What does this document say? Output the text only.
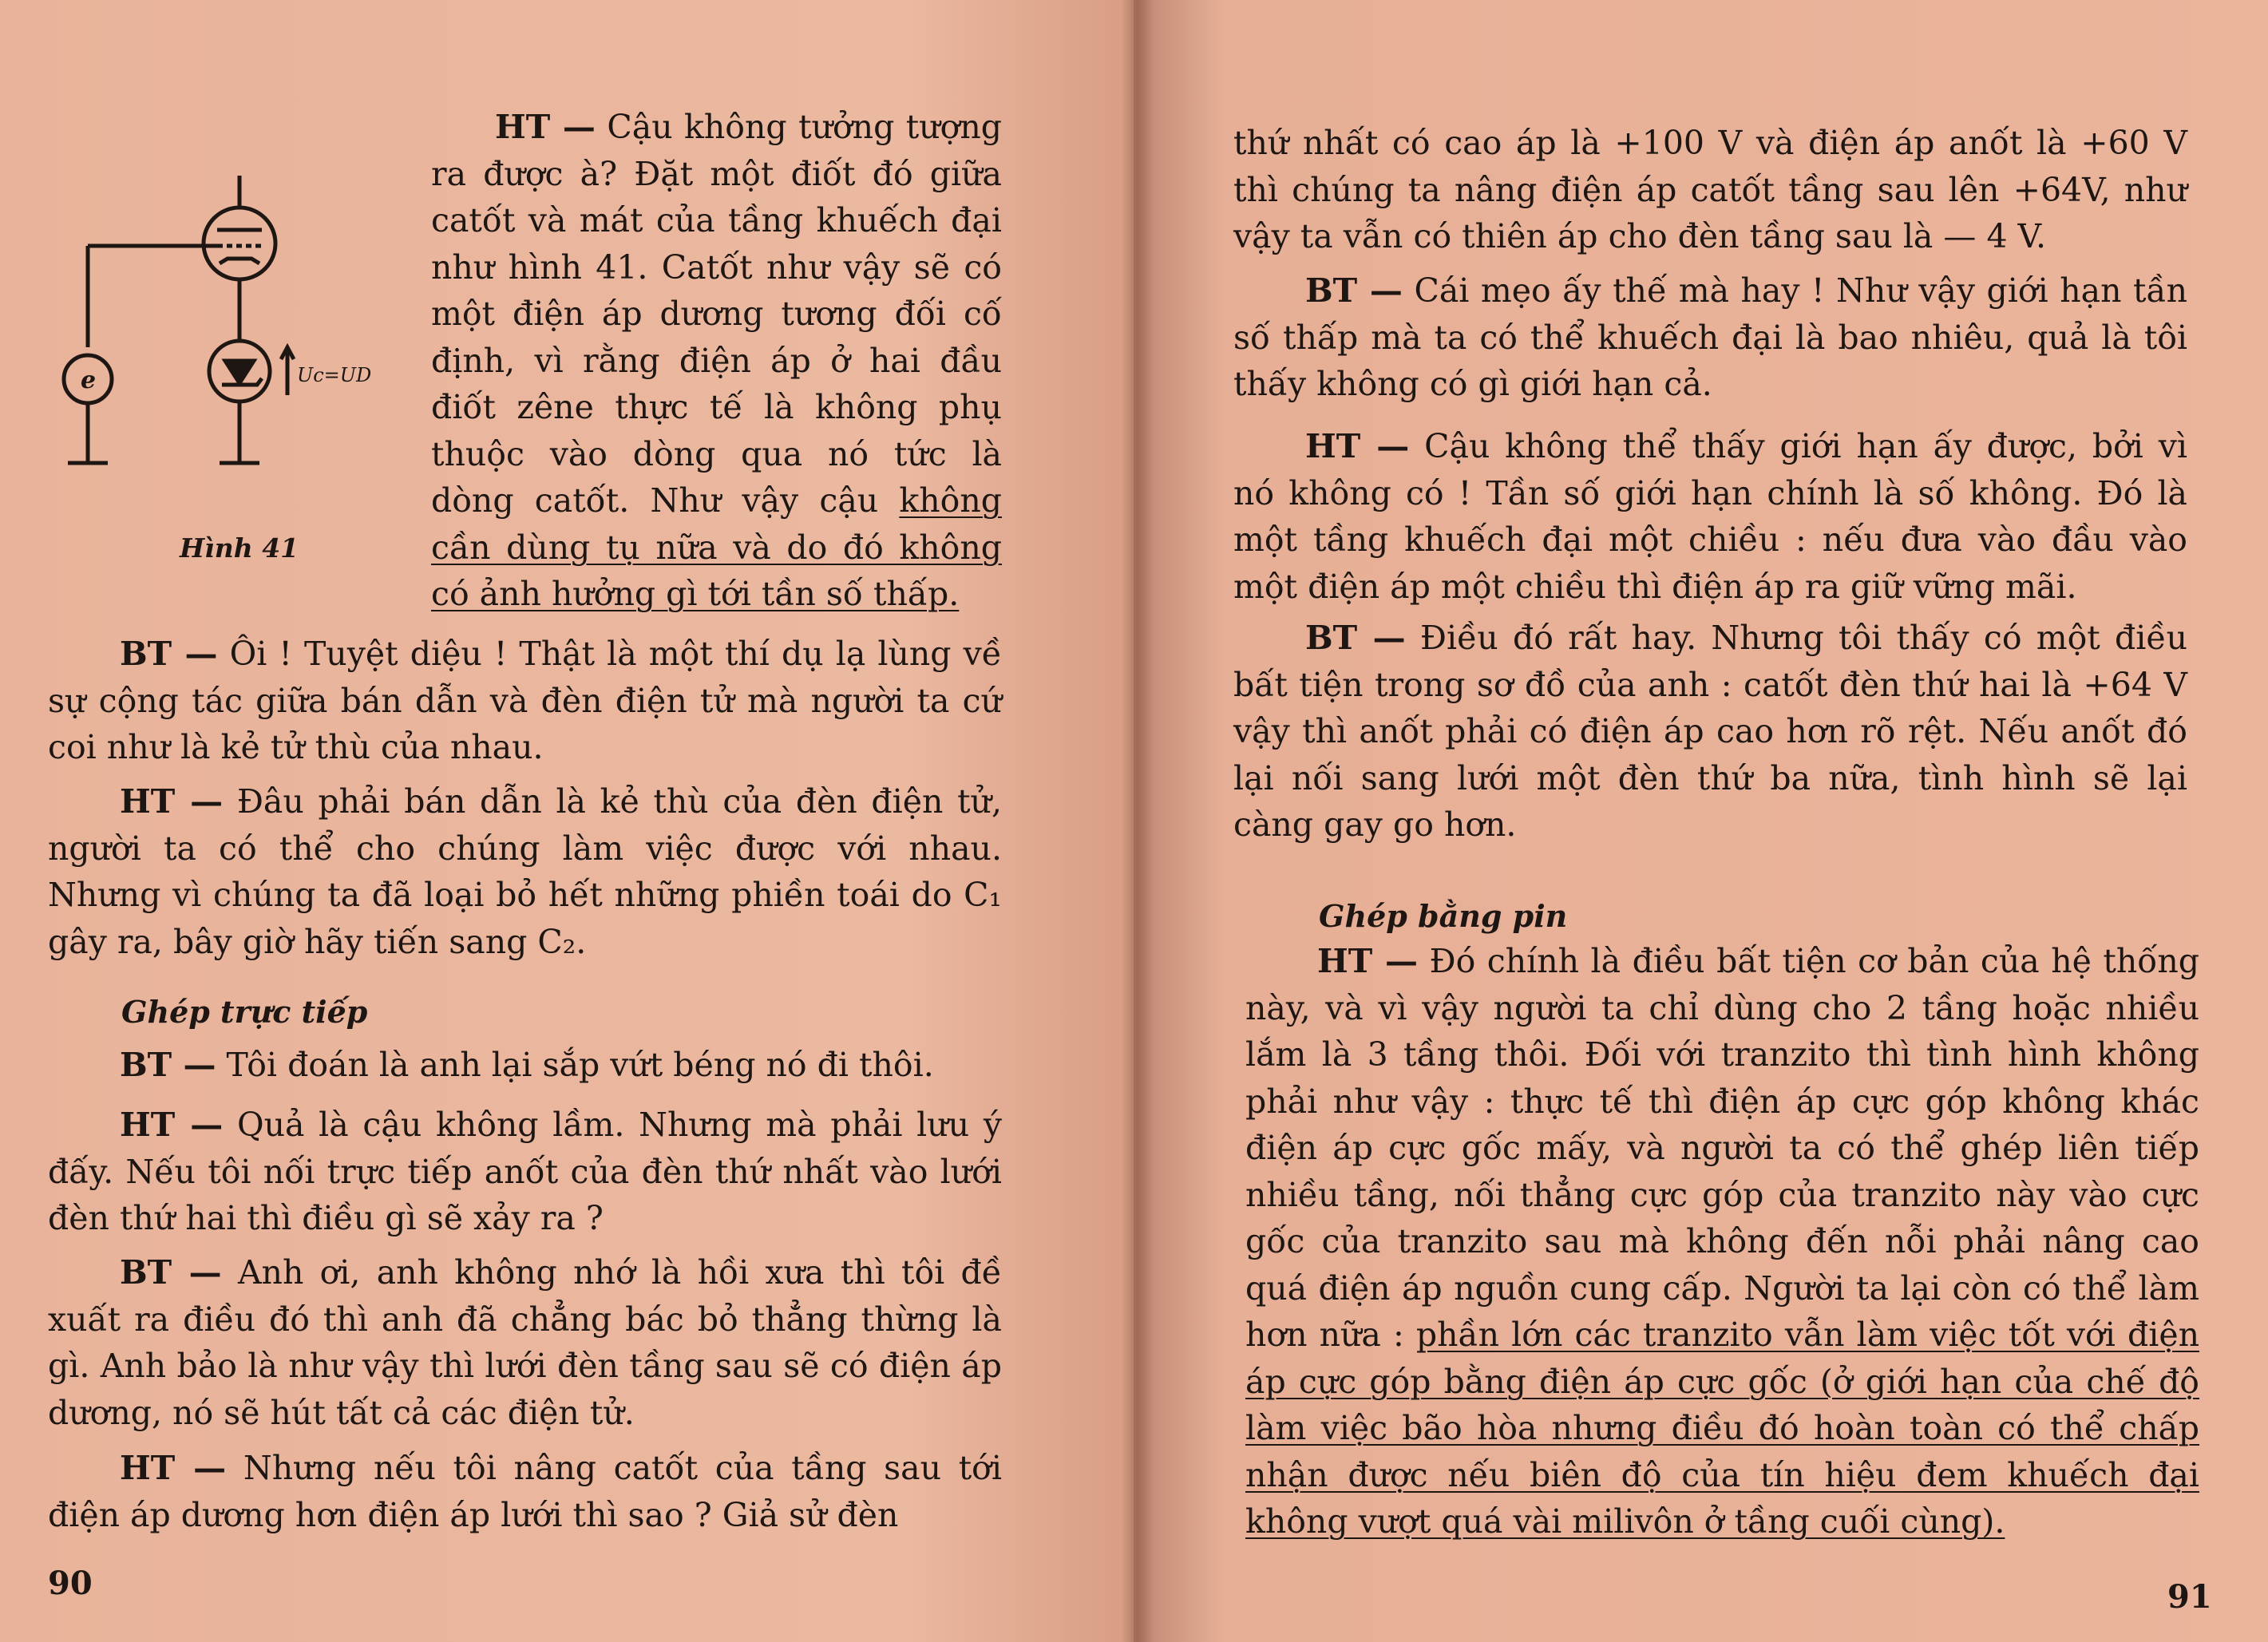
e	Uc=UD
Hình 41
HT — Cậu không tưởng tượng ra được à? Đặt một điốt đó giữa catốt và mát của tầng khuếch đại như hình 41. Catốt như vậy sẽ có một điện áp dương tương đối cố định, vì rằng điện áp ở hai đầu điốt zêne thực tế là không phụ thuộc vào dòng qua nó tức là dòng catốt. Như vậy cậu không cần dùng tụ nữa và do đó không có ảnh hưởng gì tới tần số thấp.
BT — Ôi ! Tuyệt diệu ! Thật là một thí dụ lạ lùng về sự cộng tác giữa bán dẫn và đèn điện tử mà người ta cứ coi như là kẻ tử thù của nhau.
HT — Đâu phải bán dẫn là kẻ thù của đèn điện tử, người ta có thể cho chúng làm việc được với nhau. Nhưng vì chúng ta đã loại bỏ hết những phiền toái do C₁ gây ra, bây giờ hãy tiến sang C₂.
Ghép trực tiếp
BT — Tôi đoán là anh lại sắp vứt béng nó đi thôi.
HT — Quả là cậu không lầm. Nhưng mà phải lưu ý đấy. Nếu tôi nối trực tiếp anốt của đèn thứ nhất vào lưới đèn thứ hai thì điều gì sẽ xảy ra ?
BT — Anh ơi, anh không nhớ là hồi xưa thì tôi đề xuất ra điều đó thì anh đã chẳng bác bỏ thẳng thừng là gì. Anh bảo là như vậy thì lưới đèn tầng sau sẽ có điện áp dương, nó sẽ hút tất cả các điện tử.
HT — Nhưng nếu tôi nâng catốt của tầng sau tới điện áp dương hơn điện áp lưới thì sao ? Giả sử đèn
90
thứ nhất có cao áp là +100 V và điện áp anốt là +60 V thì chúng ta nâng điện áp catốt tầng sau lên +64V, như vậy ta vẫn có thiên áp cho đèn tầng sau là — 4 V.
BT — Cái mẹo ấy thế mà hay ! Như vậy giới hạn tần số thấp mà ta có thể khuếch đại là bao nhiêu, quả là tôi thấy không có gì giới hạn cả.
HT — Cậu không thể thấy giới hạn ấy được, bởi vì nó không có ! Tần số giới hạn chính là số không. Đó là một tầng khuếch đại một chiều : nếu đưa vào đầu vào một điện áp một chiều thì điện áp ra giữ vững mãi.
BT — Điều đó rất hay. Nhưng tôi thấy có một điều bất tiện trong sơ đồ của anh : catốt đèn thứ hai là +64 V vậy thì anốt phải có điện áp cao hơn rõ rệt. Nếu anốt đó lại nối sang lưới một đèn thứ ba nữa, tình hình sẽ lại càng gay go hơn.
Ghép bằng pin
HT — Đó chính là điều bất tiện cơ bản của hệ thống này, và vì vậy người ta chỉ dùng cho 2 tầng hoặc nhiều lắm là 3 tầng thôi. Đối với tranzito thì tình hình không phải như vậy : thực tế thì điện áp cực góp không khác điện áp cực gốc mấy, và người ta có thể ghép liên tiếp nhiều tầng, nối thẳng cực góp của tranzito này vào cực gốc của tranzito sau mà không đến nỗi phải nâng cao quá điện áp nguồn cung cấp. Người ta lại còn có thể làm hơn nữa : phần lớn các tranzito vẫn làm việc tốt với điện áp cực góp bằng điện áp cực gốc (ở giới hạn của chế độ làm việc bão hòa nhưng điều đó hoàn toàn có thể chấp nhận được nếu biên độ của tín hiệu đem khuếch đại không vượt quá vài milivôn ở tầng cuối cùng).
91
